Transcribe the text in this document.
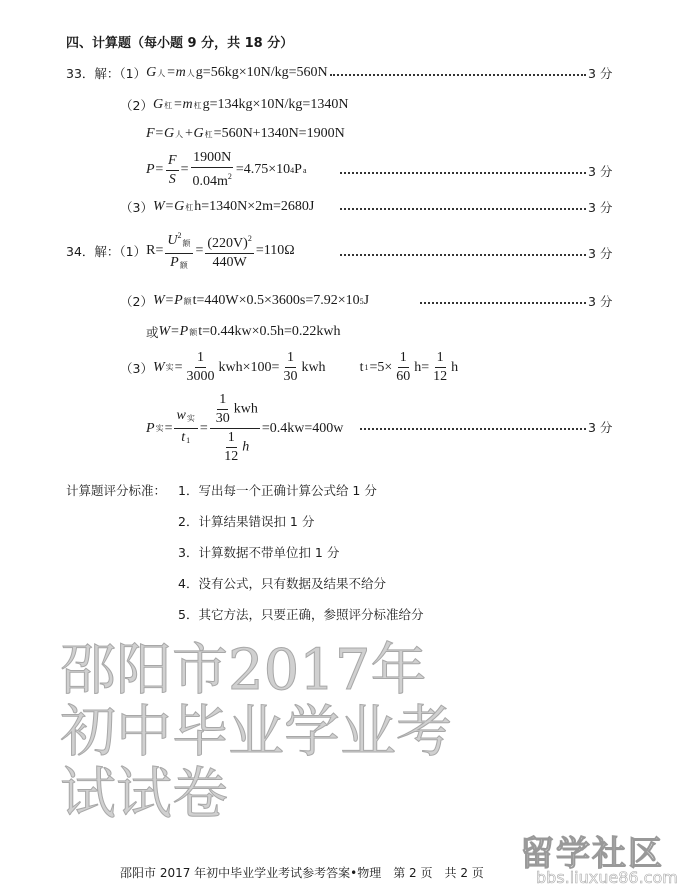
邵阳市2017年初中毕业学业考试试卷
四、计算题（每小题 9 分，共 18 分）
33．解：（1） G 人 =m 人 g=56kg×10N/kg=560N	3 分
（2） G 杠 =m 杠 g=134kg×10N/kg=1340N
F=G 人 +G 杠 =560N+1340N=1900N
$P= \frac{F}{S} = \frac{1900N}{0.04m^2} =4.75\times 10$ 4 P a	3 分
（3） W=G 杠 h=1340N×2m=2680J	3 分
34．解：（1） $R= \frac{U^2_额}{P_额} = \frac{(220V)^2}{440W} =110\Omega$	3 分
（2） W=P 额 t=440W×0.5×3600s=7.92×10 5 J	3 分
或 W=P 额 t=0.44kw×0.5h=0.22kwh
（3） W 实 = $\frac{1}{3000} kwh\times 100= \frac{1}{30}$ kwh t $1 =5\times \frac{1}{60} h= \frac{1}{12}$ h
P 实 = $\frac{w_实}{t_1} = \frac{\frac{1}{30} kwh}{\frac{1}{12} h} =0.4kw=400w$	3 分
计算题评分标准： 1．写出每一个正确计算公式给 1 分
2．计算结果错误扣 1 分
3．计算数据不带单位扣 1 分
4．没有公式，只有数据及结果不给分
5．其它方法，只要正确，参照评分标准给分
邵阳市 2017 年初中毕业学业考试参考答案•物理　第 2 页　共 2 页 留学社区
bbs.liuxue86.com
